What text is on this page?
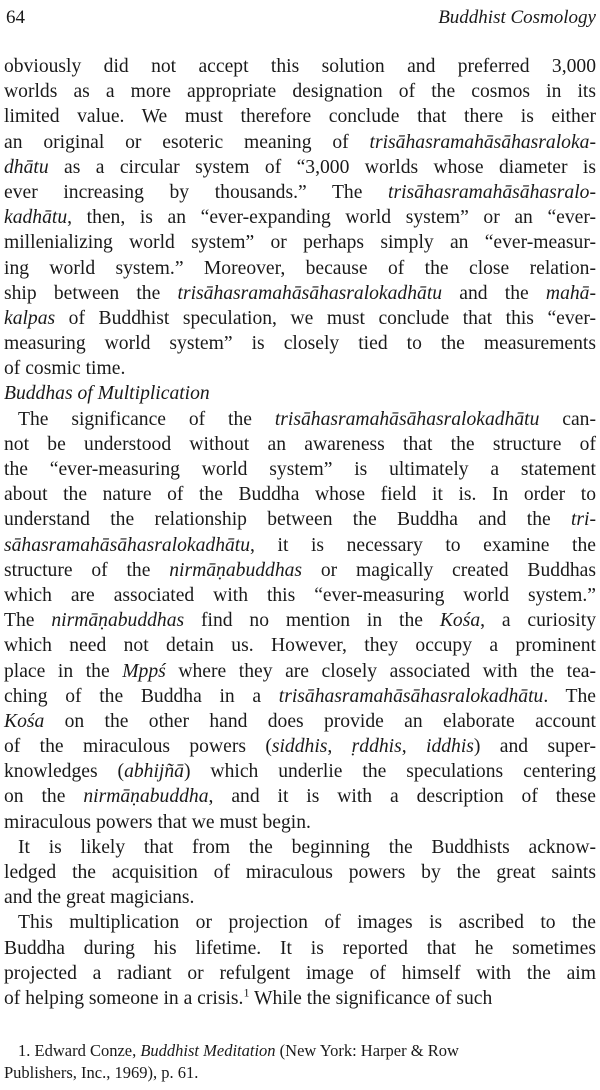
64	Buddhist Cosmology
obviously did not accept this solution and preferred 3,000
worlds as a more appropriate designation of the cosmos in its
limited value. We must therefore conclude that there is either
an original or esoteric meaning of trisāhasramahāsāhasraloka-
dhātu as a circular system of “3,000 worlds whose diameter is
ever increasing by thousands.” The trisāhasramahāsāhasralo-
kadhātu, then, is an “ever-expanding world system” or an “ever-
millenializing world system” or perhaps simply an “ever-measur-
ing world system.” Moreover, because of the close relation-
ship between the trisāhasramahāsāhasralokadhātu and the mahā-
kalpas of Buddhist speculation, we must conclude that this “ever-
measuring world system” is closely tied to the measurements
of cosmic time.
Buddhas of Multiplication
The significance of the trisāhasramahāsāhasralokadhātu can-
not be understood without an awareness that the structure of
the “ever-measuring world system” is ultimately a statement
about the nature of the Buddha whose field it is. In order to
understand the relationship between the Buddha and the tri-
sāhasramahāsāhasralokadhātu, it is necessary to examine the
structure of the nirmāṇabuddhas or magically created Buddhas
which are associated with this “ever-measuring world system.”
The nirmāṇabuddhas find no mention in the Kośa, a curiosity
which need not detain us. However, they occupy a prominent
place in the Mppś where they are closely associated with the tea-
ching of the Buddha in a trisāhasramahāsāhasralokadhātu. The
Kośa on the other hand does provide an elaborate account
of the miraculous powers (siddhis, ṛddhis, iddhis) and super-
knowledges (abhijñā) which underlie the speculations centering
on the nirmāṇabuddha, and it is with a description of these
miraculous powers that we must begin.
It is likely that from the beginning the Buddhists acknow-
ledged the acquisition of miraculous powers by the great saints
and the great magicians.
This multiplication or projection of images is ascribed to the
Buddha during his lifetime. It is reported that he sometimes
projected a radiant or refulgent image of himself with the aim
of helping someone in a crisis.$^1$ While the significance of such
1. Edward Conze, Buddhist Meditation (New York: Harper & Row
Publishers, Inc., 1969), p. 61.
